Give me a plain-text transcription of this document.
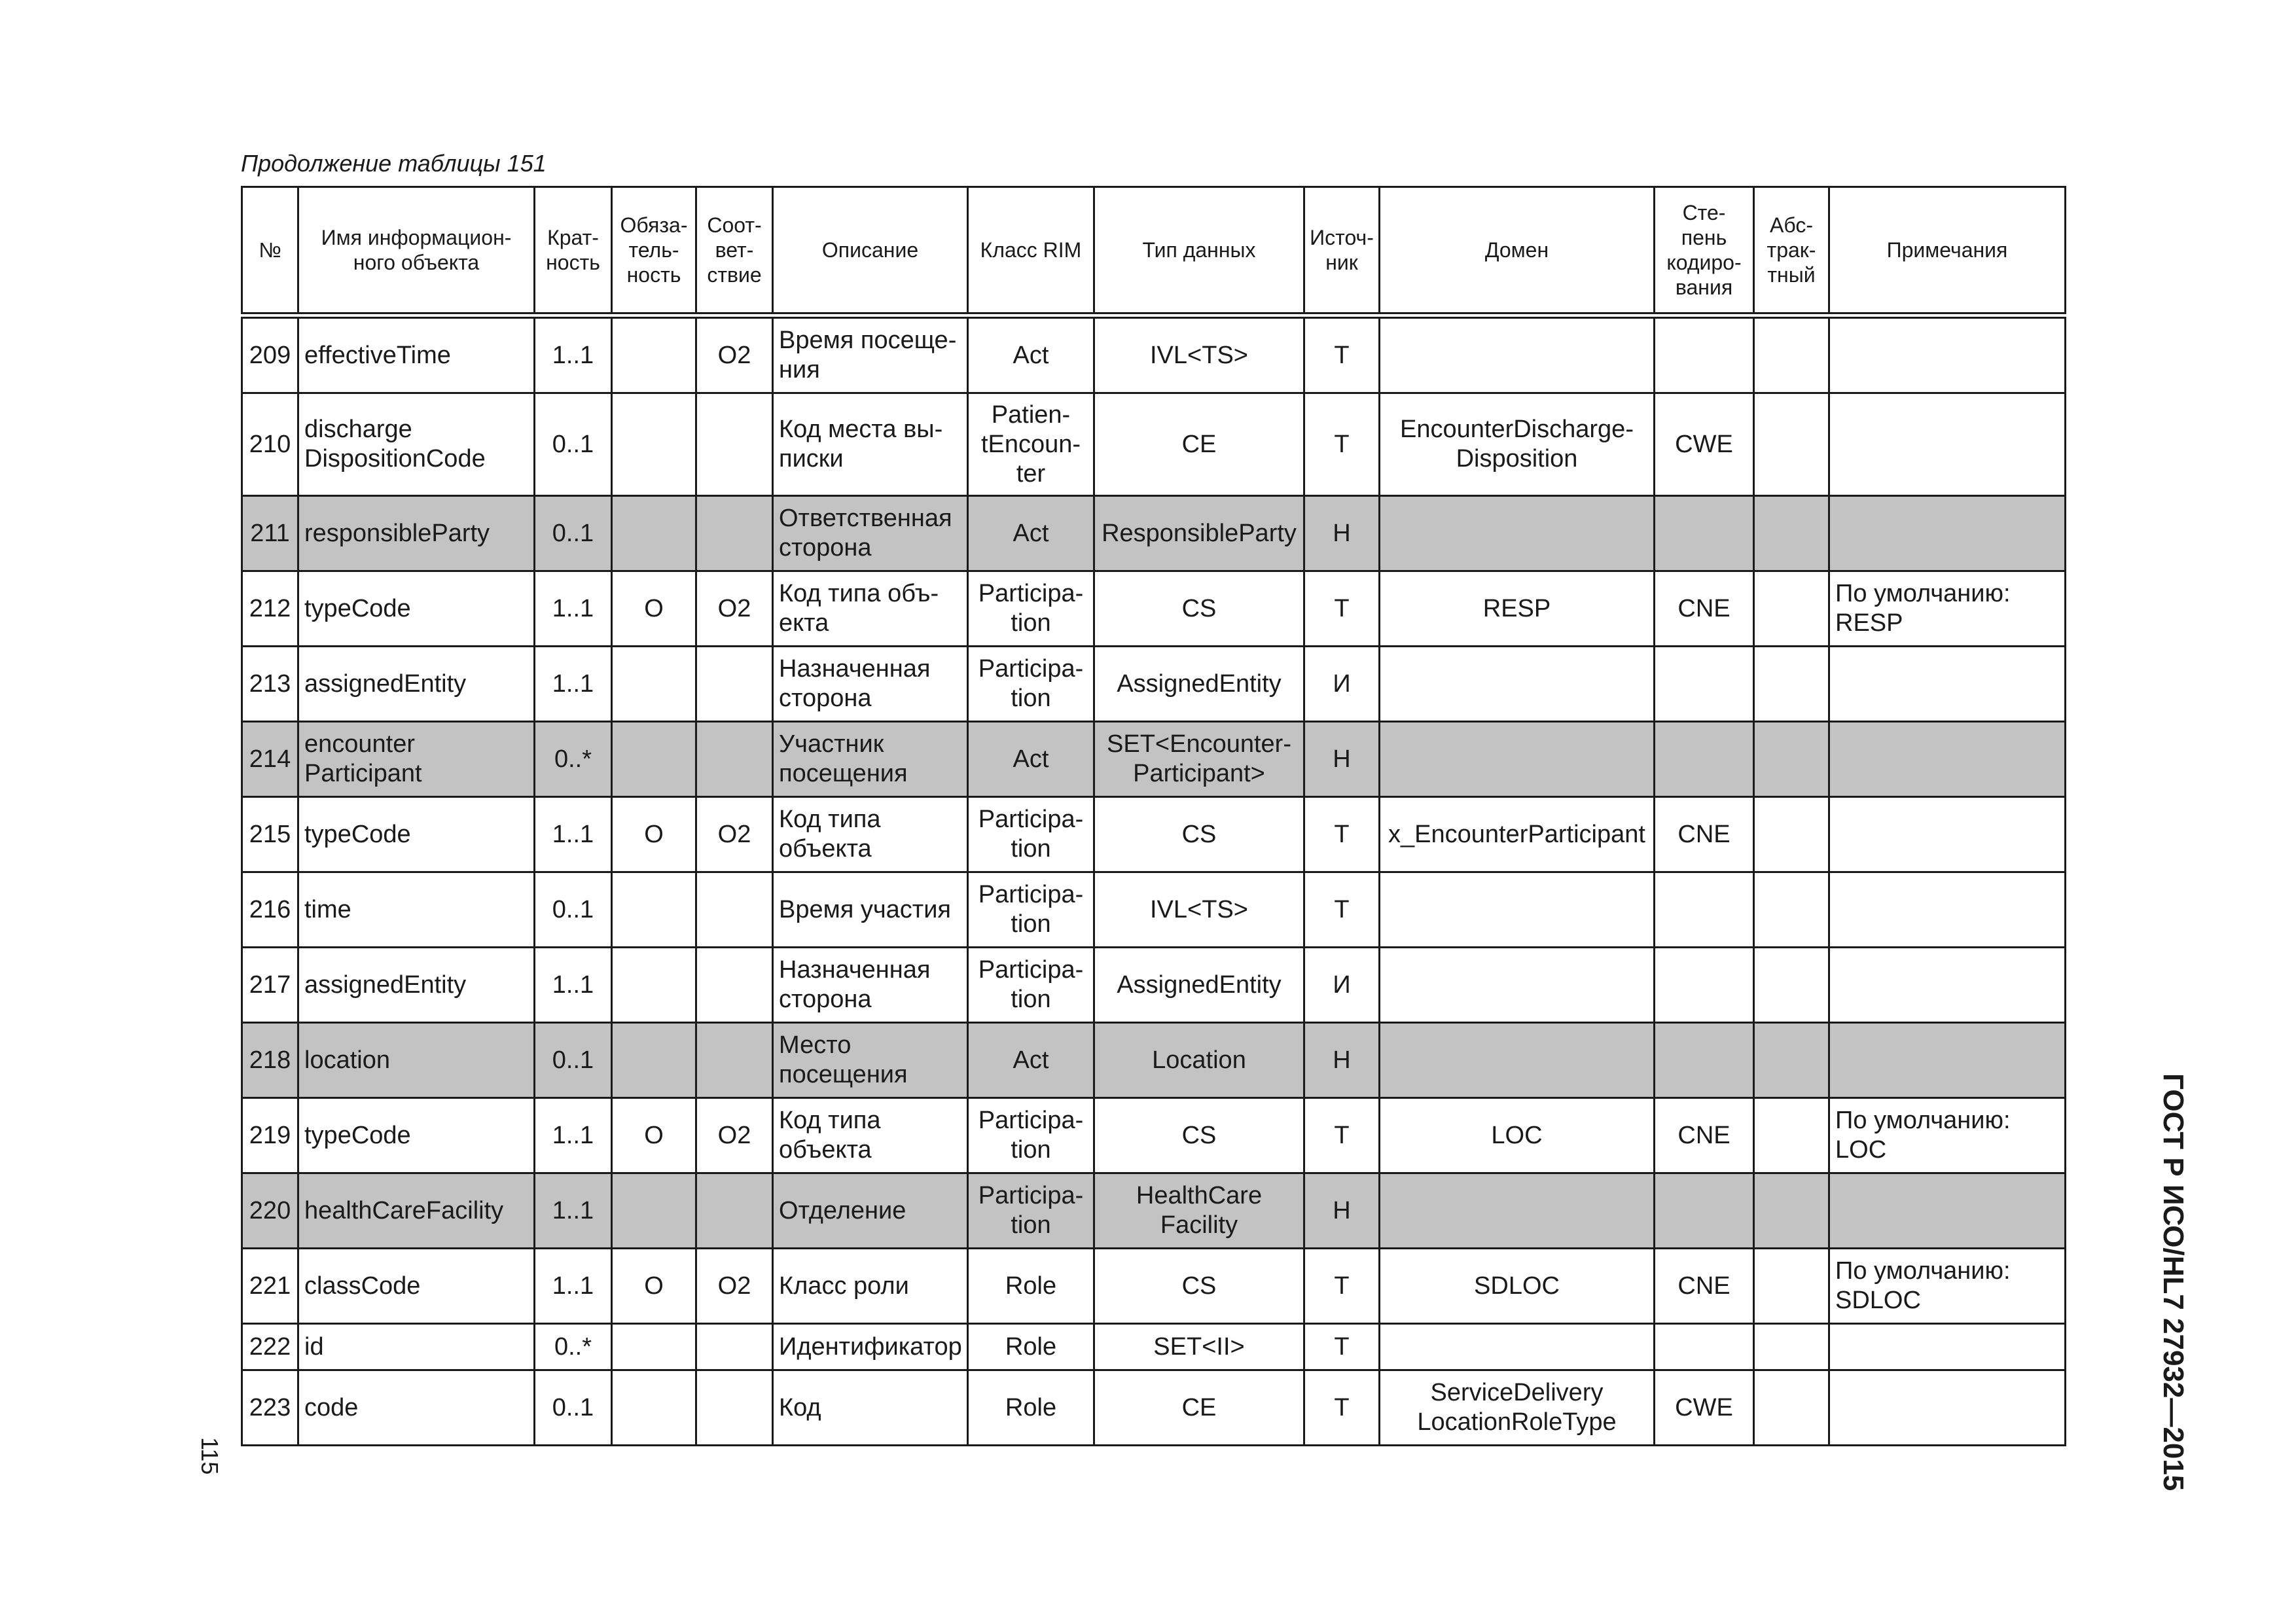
Продолжение таблицы 151
№	Имя информацион-
ного объекта	Крат-
ность	Обяза-
тель-
ность	Соот-
вет-
ствие	Описание	Класс RIM	Тип данных	Источ-
ник	Домен	Сте-
пень
кодиро-
вания	Абс-
трак-
тный	Примечания
209	effectiveTime	1..1		O2	Время посеще-
ния	Act	IVL<TS>	T				
210	discharge
DispositionCode	0..1			Код места вы-
писки	Patien-
tEncoun-
ter	CE	T	EncounterDischarge-
Disposition	CWE		
211	responsibleParty	0..1			Ответственная
сторона	Act	ResponsibleParty	H				
212	typeCode	1..1	O	O2	Код типа объ-
екта	Participa-
tion	CS	T	RESP	CNE		По умолчанию:
RESP
213	assignedEntity	1..1			Назначенная
сторона	Participa-
tion	AssignedEntity	И				
214	encounter
Participant	0..*			Участник
посещения	Act	SET<Encounter-
Participant>	H				
215	typeCode	1..1	O	O2	Код типа
объекта	Participa-
tion	CS	T	x_EncounterParticipant	CNE		
216	time	0..1			Время участия	Participa-
tion	IVL<TS>	T				
217	assignedEntity	1..1			Назначенная
сторона	Participa-
tion	AssignedEntity	И				
218	location	0..1			Место
посещения	Act	Location	H				
219	typeCode	1..1	O	O2	Код типа
объекта	Participa-
tion	CS	T	LOC	CNE		По умолчанию:
LOC
220	healthCareFacility	1..1			Отделение	Participa-
tion	HealthCare
Facility	H				
221	classCode	1..1	O	O2	Класс роли	Role	CS	T	SDLOC	CNE		По умолчанию:
SDLOC
222	id	0..*			Идентификатор	Role	SET<II>	T				
223	code	0..1			Код	Role	CE	T	ServiceDelivery
LocationRoleType	CWE			ГОСТ Р ИСО/HL7 27932—2015
115
